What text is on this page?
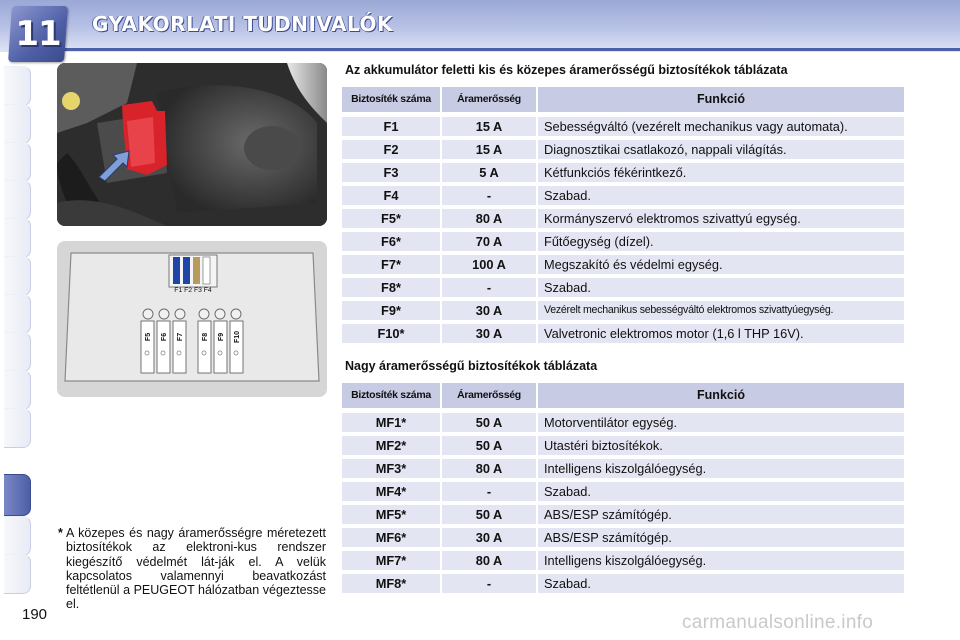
11 GYAKORLATI TUDNIVALÓK
F1 F2 F3 F4
F5 F6 F7	F8 F9 F10
Az akkumulátor feletti kis és közepes áramerősségű biztosítékok táblázata
Biztosíték száma	Áramerősség	Funkció
F1	15 A	Sebességváltó (vezérelt mechanikus vagy automata).
F2	15 A	Diagnosztikai csatlakozó, nappali világítás.
F3	5 A	Kétfunkciós fékérintkező.
F4	-	Szabad.
F5*	80 A	Kormányszervó elektromos szivattyú egység.
F6*	70 A	Fűtőegység (dízel).
F7*	100 A	Megszakító és védelmi egység.
F8*	-	Szabad.
F9*	30 A	Vezérelt mechanikus sebességváltó elektromos szivattyúegység.
F10*	30 A	Valvetronic elektromos motor (1,6 l THP 16V).
Nagy áramerősségű biztosítékok táblázata
Biztosíték száma	Áramerősség	Funkció
MF1*	50 A	Motorventilátor egység.
MF2*	50 A	Utastéri biztosítékok.
MF3*	80 A	Intelligens kiszolgálóegység.
MF4*	-	Szabad.
MF5*	50 A	ABS/ESP számítógép.
MF6*	30 A	ABS/ESP számítógép.
MF7*	80 A	Intelligens kiszolgálóegység.
MF8*	-	Szabad.
* A közepes és nagy áramerősségre méretezett biztosítékok az elektroni-kus rendszer kiegészítő védelmét lát-ják el. A velük kapcsolatos valamennyi beavatkozást feltétlenül a PEUGEOT hálózatban végeztesse el.
190	carmanualsonline.info
